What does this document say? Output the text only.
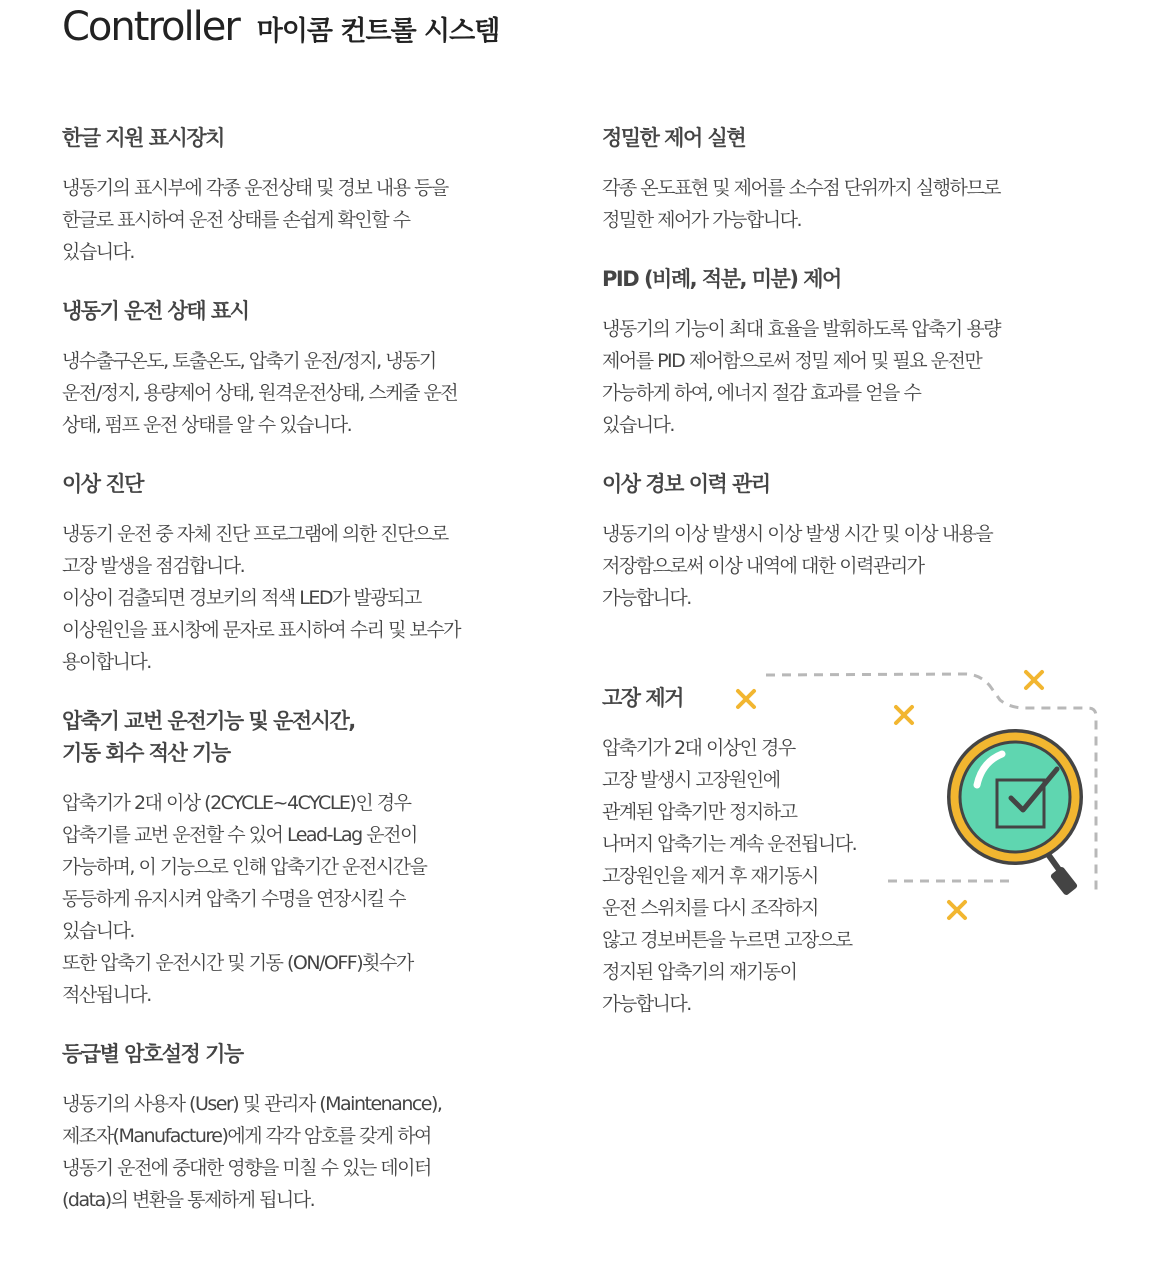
Controller 마이콤 컨트롤 시스템
한글 지원 표시장치

냉동기의 표시부에 각종 운전상태 및 경보 내용 등을
한글로 표시하여 운전 상태를 손쉽게 확인할 수
있습니다.

냉동기 운전 상태 표시

냉수출구온도, 토출온도, 압축기 운전/정지, 냉동기
운전/정지, 용량제어 상태, 원격운전상태, 스케줄 운전
상태, 펌프 운전 상태를 알 수 있습니다.

이상 진단

냉동기 운전 중 자체 진단 프로그램에 의한 진단으로
고장 발생을 점검합니다.
이상이 검출되면 경보키의 적색 LED가 발광되고
이상원인을 표시창에 문자로 표시하여 수리 및 보수가
용이합니다.

압축기 교번 운전기능 및 운전시간,
기동 회수 적산 기능

압축기가 2대 이상 (2CYCLE~4CYCLE)인 경우
압축기를 교번 운전할 수 있어 Lead-Lag 운전이
가능하며, 이 기능으로 인해 압축기간 운전시간을
동등하게 유지시켜 압축기 수명을 연장시킬 수
있습니다.
또한 압축기 운전시간 및 기동 (ON/OFF)횟수가
적산됩니다.

등급별 암호설정 기능

냉동기의 사용자 (User) 및 관리자 (Maintenance),
제조자(Manufacture)에게 각각 암호를 갖게 하여
냉동기 운전에 중대한 영향을 미칠 수 있는 데이터
(data)의 변환을 통제하게 됩니다.

정밀한 제어 실현

각종 온도표현 및 제어를 소수점 단위까지 실행하므로
정밀한 제어가 가능합니다.

PID (비례, 적분, 미분) 제어

냉동기의 기능이 최대 효율을 발휘하도록 압축기 용량
제어를 PID 제어함으로써 정밀 제어 및 필요 운전만
가능하게 하여, 에너지 절감 효과를 얻을 수
있습니다.

이상 경보 이력 관리

냉동기의 이상 발생시 이상 발생 시간 및 이상 내용을
저장함으로써 이상 내역에 대한 이력관리가
가능합니다.

고장 제거

압축기가 2대 이상인 경우
고장 발생시 고장원인에
관계된 압축기만 정지하고
나머지 압축기는 계속 운전됩니다.
고장원인을 제거 후 재기동시
운전 스위치를 다시 조작하지
않고 경보버튼을 누르면 고장으로
정지된 압축기의 재기동이
가능합니다.
